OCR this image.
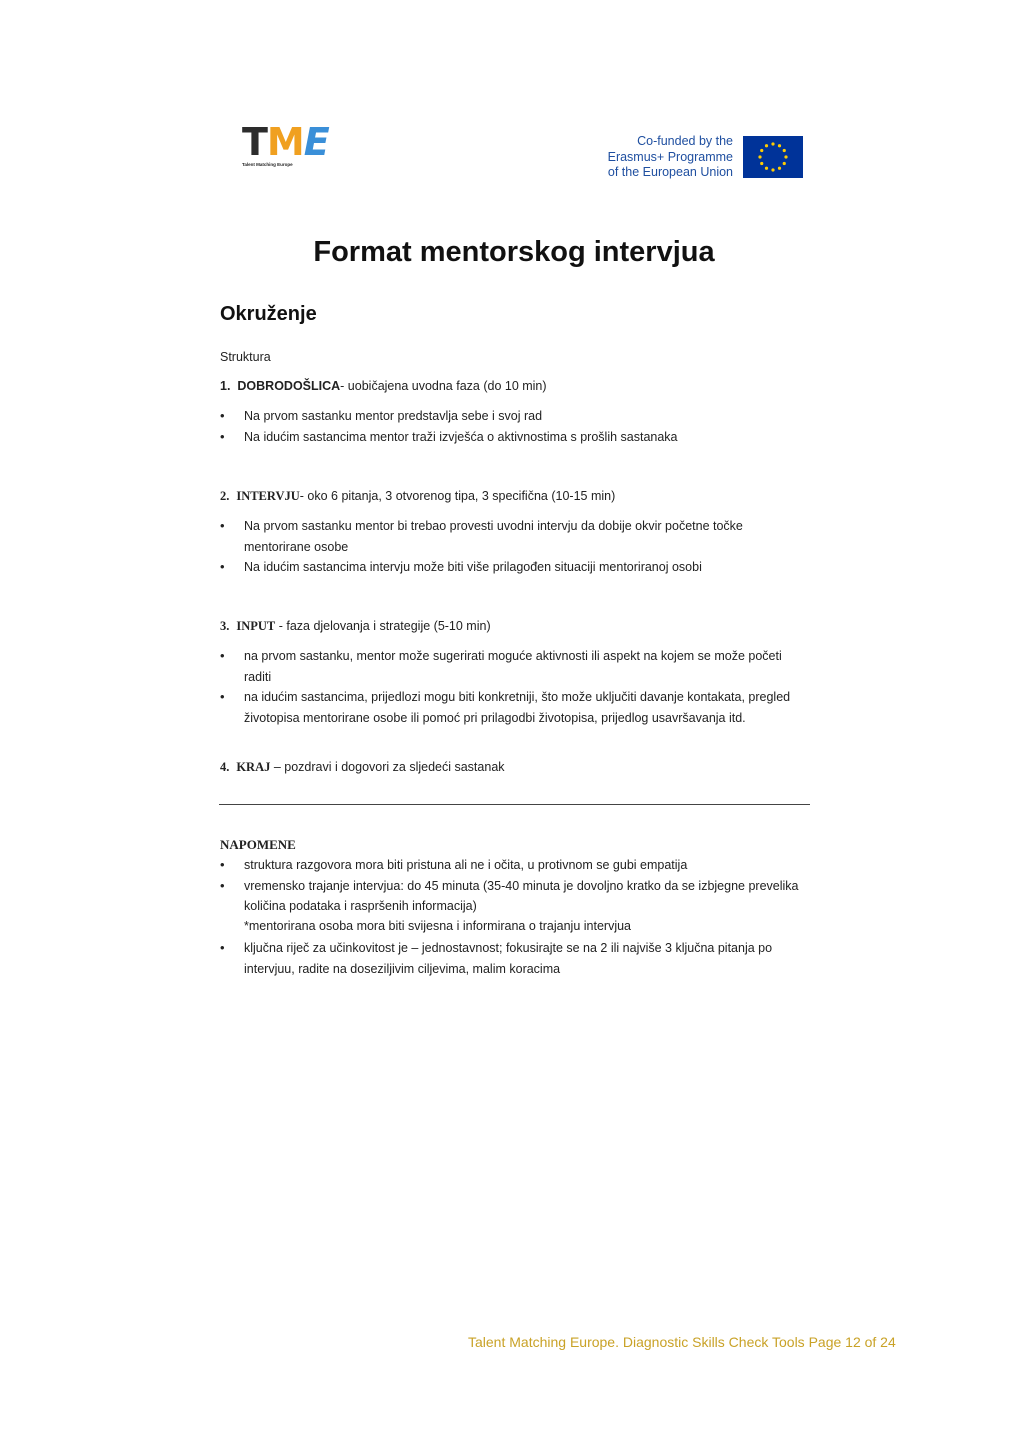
TME
Talent Matching Europe
Co-funded by the
Erasmus+ Programme
of the European Union
Format mentorskog intervjua
Okruženje
Struktura
1. DOBRODOŠLICA- uobičajena uvodna faza (do 10 min)
• Na prvom sastanku mentor predstavlja sebe i svoj rad
• Na idućim sastancima mentor traži izvješća o aktivnostima s prošlih sastanaka
2. INTERVJU- oko 6 pitanja, 3 otvorenog tipa, 3 specifična (10-15 min)
• Na prvom sastanku mentor bi trebao provesti uvodni intervju da dobije okvir početne točke mentorirane osobe
• Na idućim sastancima intervju može biti više prilagođen situaciji mentoriranoj osobi
3. INPUT - faza djelovanja i strategije (5-10 min)
• na prvom sastanku, mentor može sugerirati moguće aktivnosti ili aspekt na kojem se može početi raditi
• na idućim sastancima, prijedlozi mogu biti konkretniji, što može uključiti davanje kontakata, pregled životopisa mentorirane osobe ili pomoć pri prilagodbi životopisa, prijedlog usavršavanja itd.
4. KRAJ – pozdravi i dogovori za sljedeći sastanak
NAPOMENE
• struktura razgovora mora biti pristuna ali ne i očita, u protivnom se gubi empatija
• vremensko trajanje intervjua: do 45 minuta (35-40 minuta je dovoljno kratko da se izbjegne prevelika količina podataka i raspršenih informacija)
*mentorirana osoba mora biti svijesna i informirana o trajanju intervjua
• ključna riječ za učinkovitost je – jednostavnost; fokusirajte se na 2 ili najviše 3 ključna pitanja po intervjuu, radite na doseziljivim ciljevima, malim koracima
Talent Matching Europe. Diagnostic Skills Check Tools Page 12 of 24
